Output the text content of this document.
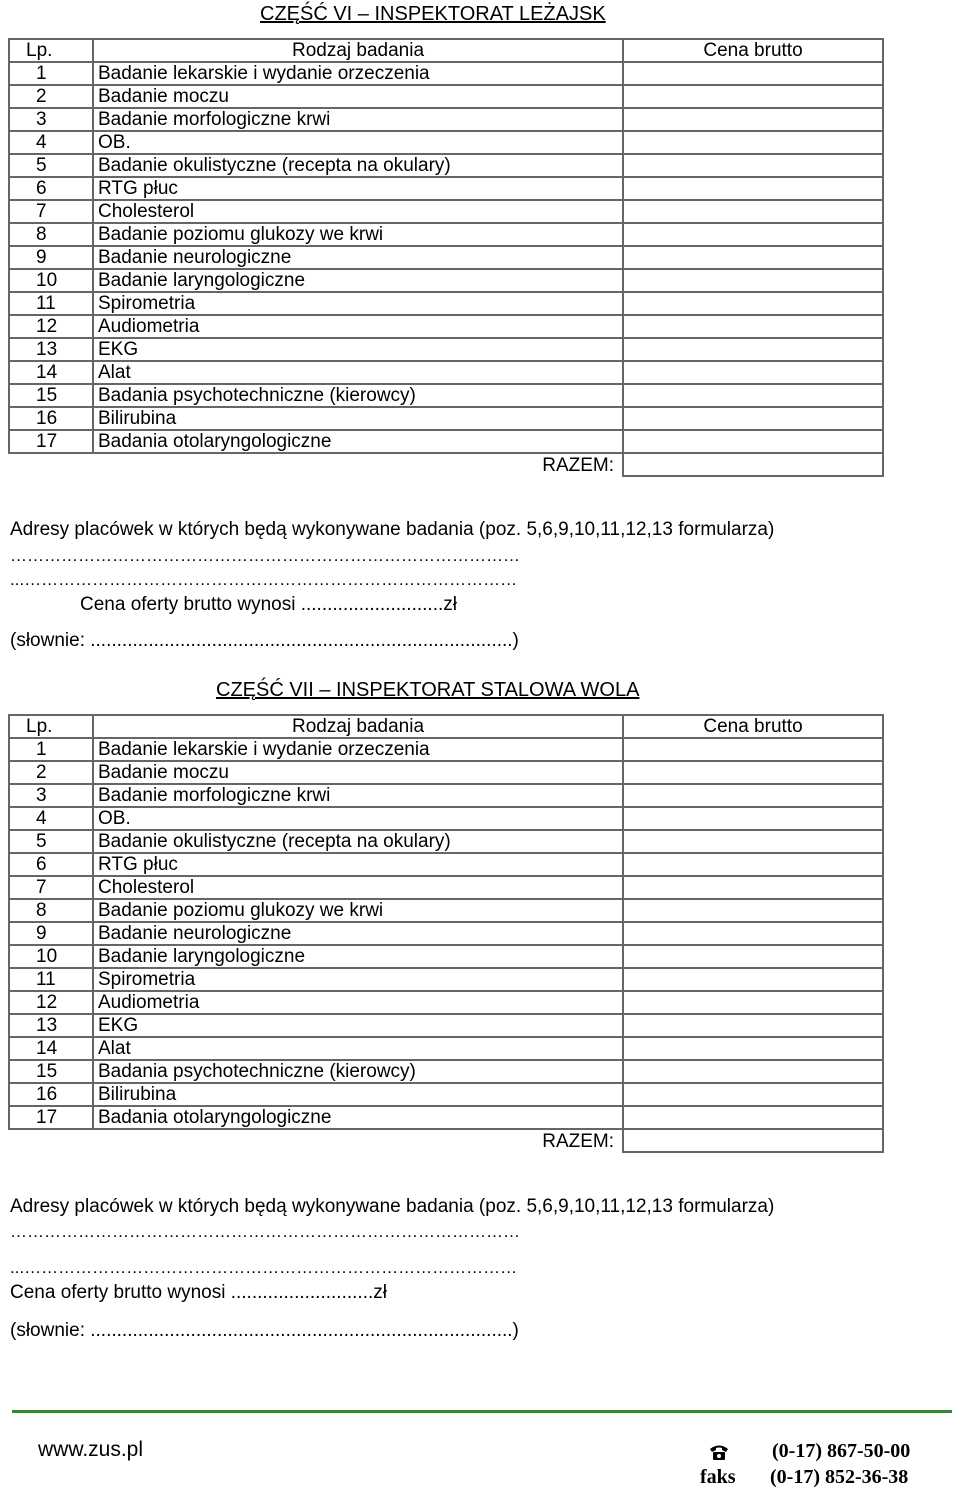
CZĘŚĆ VI – INSPEKTORAT LEŻAJSK
Lp.	Rodzaj badania	Cena brutto
1	Badanie lekarskie i wydanie orzeczenia	
2	Badanie moczu	
3	Badanie morfologiczne krwi	
4	OB.	
5	Badanie okulistyczne (recepta na okulary)	
6	RTG płuc	
7	Cholesterol	
8	Badanie poziomu glukozy we krwi	
9	Badanie neurologiczne	
10	Badanie laryngologiczne	
11	Spirometria	
12	Audiometria	
13	EKG	
14	Alat	
15	Badania psychotechniczne (kierowcy)	
16	Bilirubina	
17	Badania otolaryngologiczne	
RAZEM:		
Adresy placówek w których będą wykonywane badania (poz. 5,6,9,10,11,12,13 formularza)
………………………………………………………………………………
...……………………………………………………………………………
Cena oferty brutto wynosi ...........................zł
(słownie: ................................................................................)
CZĘŚĆ VII – INSPEKTORAT STALOWA WOLA
Lp.	Rodzaj badania	Cena brutto
1	Badanie lekarskie i wydanie orzeczenia	
2	Badanie moczu	
3	Badanie morfologiczne krwi	
4	OB.	
5	Badanie okulistyczne (recepta na okulary)	
6	RTG płuc	
7	Cholesterol	
8	Badanie poziomu glukozy we krwi	
9	Badanie neurologiczne	
10	Badanie laryngologiczne	
11	Spirometria	
12	Audiometria	
13	EKG	
14	Alat	
15	Badania psychotechniczne (kierowcy)	
16	Bilirubina	
17	Badania otolaryngologiczne	
RAZEM:		
Adresy placówek w których będą wykonywane badania (poz. 5,6,9,10,11,12,13 formularza)
………………………………………………………………………………
...……………………………………………………………………………
Cena oferty brutto wynosi ...........................zł
(słownie: ................................................................................)
www.zus.pl	(0-17) 867-50-00
faks (0-17) 852-36-38
